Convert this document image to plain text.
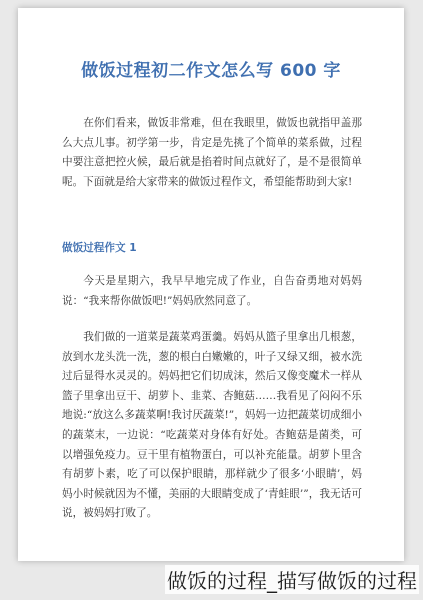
做饭过程初二作文怎么写 600 字

在你们看来，做饭非常难，但在我眼里，做饭也就指甲盖那么大点儿事。初学第一步，肯定是先挑了个简单的菜系做，过程中要注意把控火候，最后就是掐着时间点就好了，是不是很简单呢。下面就是给大家带来的做饭过程作文，希望能帮助到大家!

做饭过程作文 1

今天是星期六，我早早地完成了作业，自告奋勇地对妈妈说：“我来帮你做饭吧!”妈妈欣然同意了。

我们做的一道菜是蔬菜鸡蛋羹。妈妈从篮子里拿出几根葱，放到水龙头洗一洗，葱的根白白嫩嫩的，叶子又绿又细，被水洗过后显得水灵灵的。妈妈把它们切成沫，然后又像变魔术一样从篮子里拿出豆干、胡萝卜、韭菜、杏鲍菇……我看见了闷闷不乐地说:“放这么多蔬菜啊!我讨厌蔬菜!”，妈妈一边把蔬菜切成细小的蔬菜末，一边说：“吃蔬菜对身体有好处。杏鲍菇是菌类，可以增强免疫力。豆干里有植物蛋白，可以补充能量。胡萝卜里含有胡萝卜素，吃了可以保护眼睛，那样就少了很多‘小眼睛’，妈妈小时候就因为不懂，美丽的大眼睛变成了‘青蛙眼’”，我无话可说，被妈妈打败了。

做饭的过程_描写做饭的过程
